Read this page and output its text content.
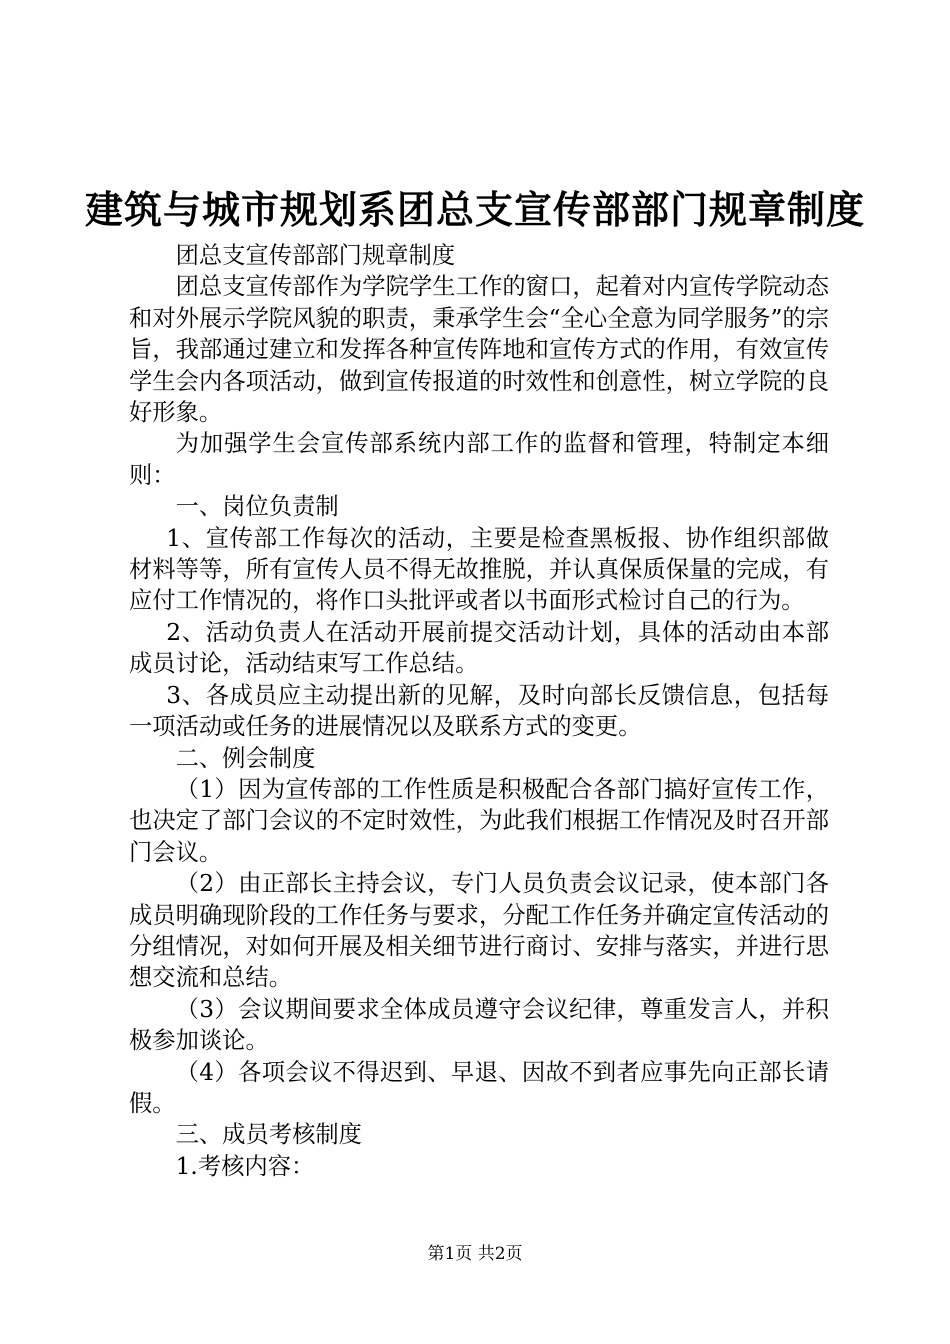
建筑与城市规划系团总支宣传部部门规章制度

团总支宣传部部门规章制度

团总支宣传部作为学院学生工作的窗口，起着对内宣传学院动态和对外展示学院风貌的职责，秉承学生会“全心全意为同学服务”的宗旨，我部通过建立和发挥各种宣传阵地和宣传方式的作用，有效宣传学生会内各项活动，做到宣传报道的时效性和创意性，树立学院的良好形象。

为加强学生会宣传部系统内部工作的监督和管理，特制定本细则：

一、岗位负责制

1、宣传部工作每次的活动，主要是检查黑板报、协作组织部做材料等等，所有宣传人员不得无故推脱，并认真保质保量的完成，有应付工作情况的，将作口头批评或者以书面形式检讨自己的行为。

2、活动负责人在活动开展前提交活动计划，具体的活动由本部成员讨论，活动结束写工作总结。

3、各成员应主动提出新的见解，及时向部长反馈信息，包括每一项活动或任务的进展情况以及联系方式的变更。

二、例会制度

（1）因为宣传部的工作性质是积极配合各部门搞好宣传工作，也决定了部门会议的不定时效性，为此我们根据工作情况及时召开部门会议。

（2）由正部长主持会议，专门人员负责会议记录，使本部门各成员明确现阶段的工作任务与要求，分配工作任务并确定宣传活动的分组情况，对如何开展及相关细节进行商讨、安排与落实，并进行思想交流和总结。

（3）会议期间要求全体成员遵守会议纪律，尊重发言人，并积极参加谈论。

（4）各项会议不得迟到、早退、因故不到者应事先向正部长请假。

三、成员考核制度

1.考核内容：

第1页 共2页
